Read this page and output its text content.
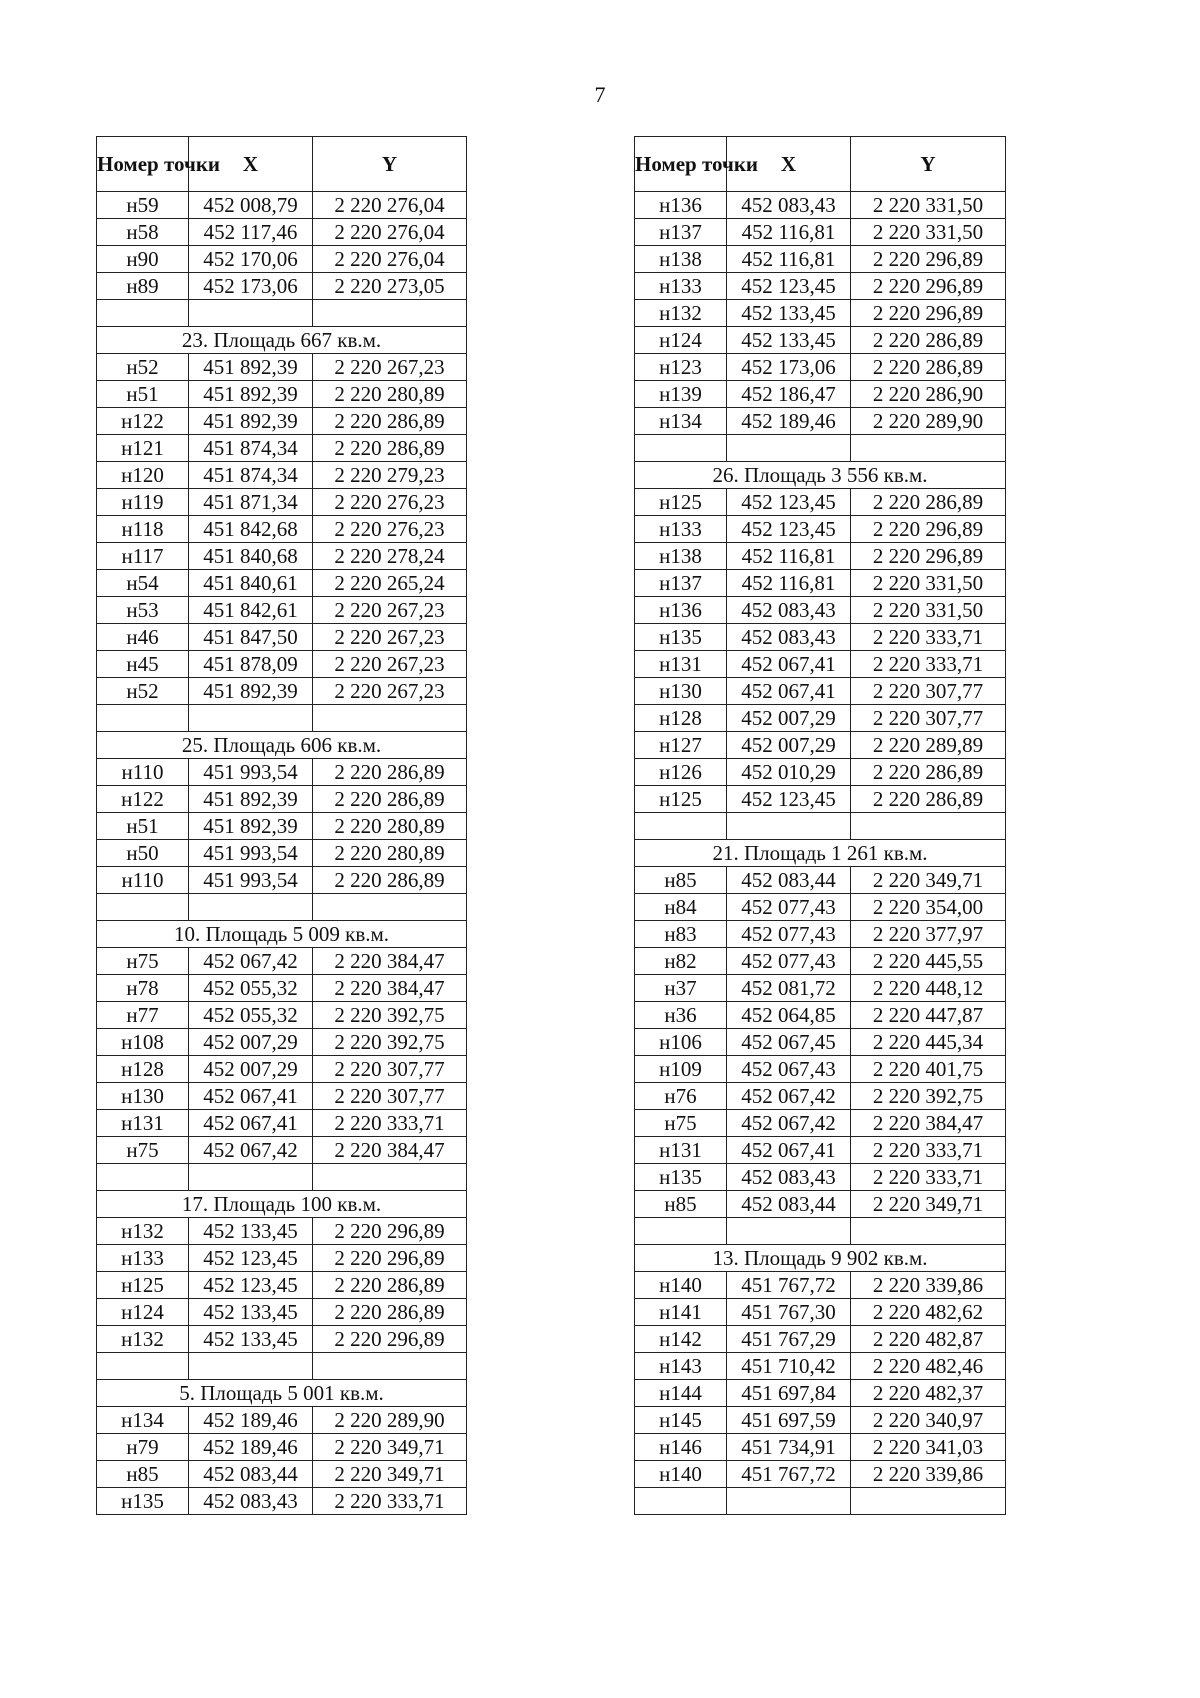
7
Номер точки	X	Y
н59	452 008,79	2 220 276,04
н58	452 117,46	2 220 276,04
н90	452 170,06	2 220 276,04
н89	452 173,06	2 220 273,05

23. Площадь 667 кв.м.		
н52	451 892,39	2 220 267,23
н51	451 892,39	2 220 280,89
н122	451 892,39	2 220 286,89
н121	451 874,34	2 220 286,89
н120	451 874,34	2 220 279,23
н119	451 871,34	2 220 276,23
н118	451 842,68	2 220 276,23
н117	451 840,68	2 220 278,24
н54	451 840,61	2 220 265,24
н53	451 842,61	2 220 267,23
н46	451 847,50	2 220 267,23
н45	451 878,09	2 220 267,23
н52	451 892,39	2 220 267,23

25. Площадь 606 кв.м.		
н110	451 993,54	2 220 286,89
н122	451 892,39	2 220 286,89
н51	451 892,39	2 220 280,89
н50	451 993,54	2 220 280,89
н110	451 993,54	2 220 286,89

10. Площадь 5 009 кв.м.		
н75	452 067,42	2 220 384,47
н78	452 055,32	2 220 384,47
н77	452 055,32	2 220 392,75
н108	452 007,29	2 220 392,75
н128	452 007,29	2 220 307,77
н130	452 067,41	2 220 307,77
н131	452 067,41	2 220 333,71
н75	452 067,42	2 220 384,47

17. Площадь 100 кв.м.		
н132	452 133,45	2 220 296,89
н133	452 123,45	2 220 296,89
н125	452 123,45	2 220 286,89
н124	452 133,45	2 220 286,89
н132	452 133,45	2 220 296,89

5. Площадь 5 001 кв.м.		
н134	452 189,46	2 220 289,90
н79	452 189,46	2 220 349,71
н85	452 083,44	2 220 349,71
н135	452 083,43	2 220 333,71
Номер точки	X	Y
н136	452 083,43	2 220 331,50
н137	452 116,81	2 220 331,50
н138	452 116,81	2 220 296,89
н133	452 123,45	2 220 296,89
н132	452 133,45	2 220 296,89
н124	452 133,45	2 220 286,89
н123	452 173,06	2 220 286,89
н139	452 186,47	2 220 286,90
н134	452 189,46	2 220 289,90

26. Площадь 3 556 кв.м.		
н125	452 123,45	2 220 286,89
н133	452 123,45	2 220 296,89
н138	452 116,81	2 220 296,89
н137	452 116,81	2 220 331,50
н136	452 083,43	2 220 331,50
н135	452 083,43	2 220 333,71
н131	452 067,41	2 220 333,71
н130	452 067,41	2 220 307,77
н128	452 007,29	2 220 307,77
н127	452 007,29	2 220 289,89
н126	452 010,29	2 220 286,89
н125	452 123,45	2 220 286,89

21. Площадь 1 261 кв.м.		
н85	452 083,44	2 220 349,71
н84	452 077,43	2 220 354,00
н83	452 077,43	2 220 377,97
н82	452 077,43	2 220 445,55
н37	452 081,72	2 220 448,12
н36	452 064,85	2 220 447,87
н106	452 067,45	2 220 445,34
н109	452 067,43	2 220 401,75
н76	452 067,42	2 220 392,75
н75	452 067,42	2 220 384,47
н131	452 067,41	2 220 333,71
н135	452 083,43	2 220 333,71
н85	452 083,44	2 220 349,71

13. Площадь 9 902 кв.м.		
н140	451 767,72	2 220 339,86
н141	451 767,30	2 220 482,62
н142	451 767,29	2 220 482,87
н143	451 710,42	2 220 482,46
н144	451 697,84	2 220 482,37
н145	451 697,59	2 220 340,97
н146	451 734,91	2 220 341,03
н140	451 767,72	2 220 339,86
